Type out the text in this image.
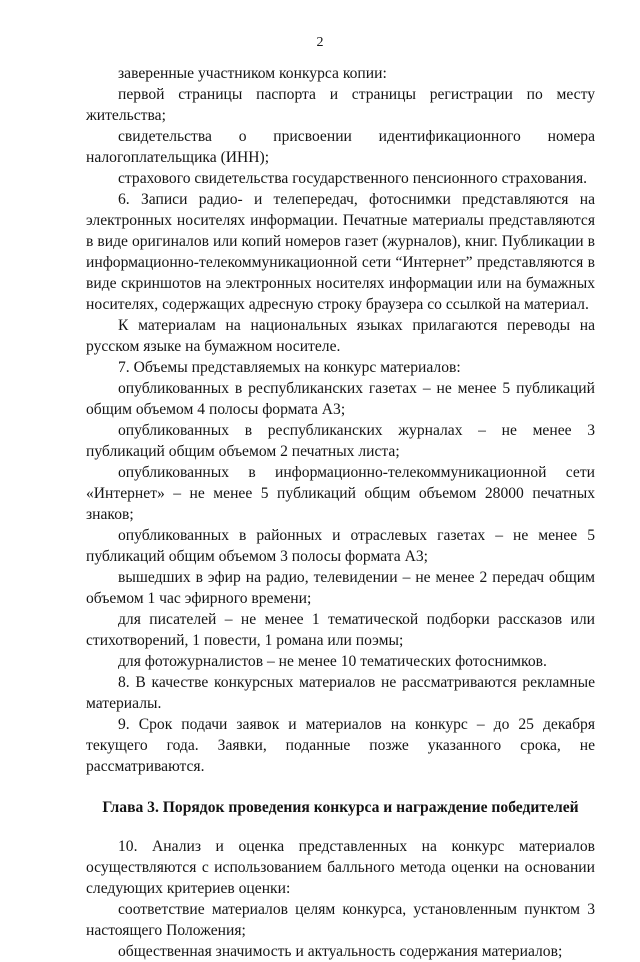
2

заверенные участником конкурса копии:

первой страницы паспорта и страницы регистрации по месту жительства;

свидетельства о присвоении идентификационного номера налогоплательщика (ИНН);

страхового свидетельства государственного пенсионного страхования.

6. Записи радио- и телепередач, фотоснимки представляются на электронных носителях информации. Печатные материалы представляются в виде оригиналов или копий номеров газет (журналов), книг. Публикации в информационно-телекоммуникационной сети “Интернет” представляются в виде скриншотов на электронных носителях информации или на бумажных носителях, содержащих адресную строку браузера со ссылкой на материал.

К материалам на национальных языках прилагаются переводы на русском языке на бумажном носителе.

7. Объемы представляемых на конкурс материалов:

опубликованных в республиканских газетах – не менее 5 публикаций общим объемом 4 полосы формата А3;

опубликованных в республиканских журналах – не менее 3 публикаций общим объемом 2 печатных листа;

опубликованных в информационно-телекоммуникационной сети «Интернет» – не менее 5 публикаций общим объемом 28000 печатных знаков;

опубликованных в районных и отраслевых газетах – не менее 5 публикаций общим объемом 3 полосы формата А3;

вышедших в эфир на радио, телевидении – не менее 2 передач общим объемом 1 час эфирного времени;

для писателей – не менее 1 тематической подборки рассказов или стихотворений, 1 повести, 1 романа или поэмы;

для фотожурналистов – не менее 10 тематических фотоснимков.

8. В качестве конкурсных материалов не рассматриваются рекламные материалы.

9. Срок подачи заявок и материалов на конкурс – до 25 декабря текущего года. Заявки, поданные позже указанного срока, не рассматриваются.

Глава 3. Порядок проведения конкурса и награждение победителей

10. Анализ и оценка представленных на конкурс материалов осуществляются с использованием балльного метода оценки на основании следующих критериев оценки:

соответствие материалов целям конкурса, установленным пунктом 3 настоящего Положения;

общественная значимость и актуальность содержания материалов;
